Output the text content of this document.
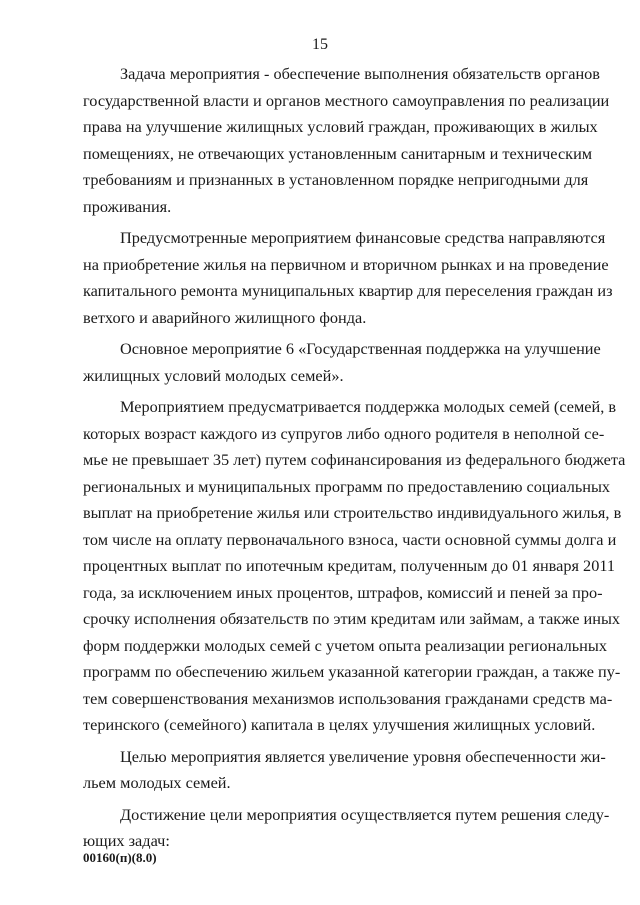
15
Задача мероприятия - обеспечение выполнения обязательств органов
государственной власти и органов местного самоуправления по реализации
права на улучшение жилищных условий граждан, проживающих в жилых
помещениях, не отвечающих установленным санитарным и техническим
требованиям и признанных в установленном порядке непригодными для
проживания.
Предусмотренные мероприятием финансовые средства направляются
на приобретение жилья на первичном и вторичном рынках и на проведение
капитального ремонта муниципальных квартир для переселения граждан из
ветхого и аварийного жилищного фонда.
Основное мероприятие 6 «Государственная поддержка на улучшение
жилищных условий молодых семей».
Мероприятием предусматривается поддержка молодых семей (семей, в
которых возраст каждого из супругов либо одного родителя в неполной се-
мье не превышает 35 лет) путем софинансирования из федерального бюджета
региональных и муниципальных программ по предоставлению социальных
выплат на приобретение жилья или строительство индивидуального жилья, в
том числе на оплату первоначального взноса, части основной суммы долга и
процентных выплат по ипотечным кредитам, полученным до 01 января 2011
года, за исключением иных процентов, штрафов, комиссий и пеней за про-
срочку исполнения обязательств по этим кредитам или займам, а также иных
форм поддержки молодых семей с учетом опыта реализации региональных
программ по обеспечению жильем указанной категории граждан, а также пу-
тем совершенствования механизмов использования гражданами средств ма-
теринского (семейного) капитала в целях улучшения жилищных условий.
Целью мероприятия является увеличение уровня обеспеченности жи-
льем молодых семей.
Достижение цели мероприятия осуществляется путем решения следу-
ющих задач:
00160(п)(8.0)
